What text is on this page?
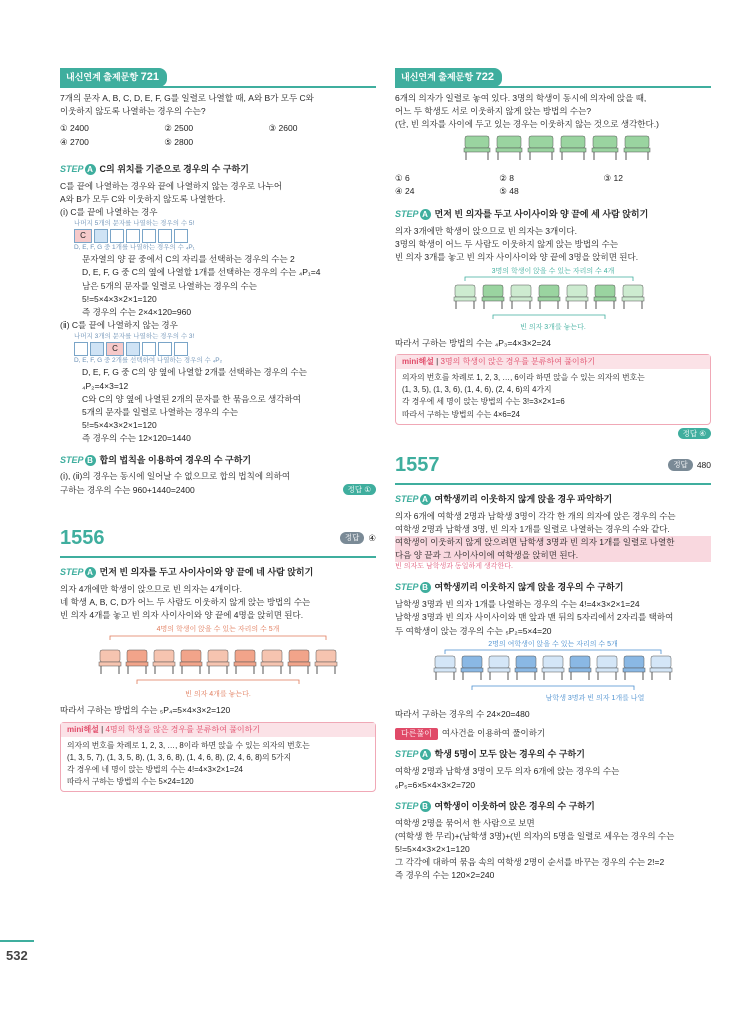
532
내신연계 출제문항 721

7개의 문자 A, B, C, D, E, F, G를 일렬로 나열할 때, A와 B가 모두 C와

이웃하지 않도록 나열하는 경우의 수는?

① 2400	② 2500	③ 2600
④ 2700	⑤ 2800
STEP A C의 위치를 기준으로 경우의 수 구하기

C를 끝에 나열하는 경우와 끝에 나열하지 않는 경우로 나누어

A와 B가 모두 C와 이웃하지 않도록 나열한다.

(ⅰ) C를 끝에 나열하는 경우

나머지 5개의 문자를 나열하는 경우의 수 5!
C
D, E, F, G 중 1개를 나열하는 경우의 수 ₄P₁

문자열의 양 끝 중에서 C의 자리를 선택하는 경우의 수는 2

D, E, F, G 중 C의 옆에 나열할 1개를 선택하는 경우의 수는 ₄P₁=4

남은 5개의 문자를 일렬로 나열하는 경우의 수는

5!=5×4×3×2×1=120

즉 경우의 수는 2×4×120=960

(ⅱ) C를 끝에 나열하지 않는 경우

나머지 3개의 문자를 나열하는 경우의 수 3!
C
D, E, F, G 중 2개를 선택하여 나열하는 경우의 수 ₄P₂

D, E, F, G 중 C의 양 옆에 나열할 2개를 선택하는 경우의 수는

₄P₂=4×3=12

C와 C의 양 옆에 나열된 2개의 문자를 한 묶음으로 생각하여

5개의 문자를 일렬로 나열하는 경우의 수는

5!=5×4×3×2×1=120

즉 경우의 수는 12×120=1440

STEP B 합의 법칙을 이용하여 경우의 수 구하기

(ⅰ), (ⅱ)의 경우는 동시에 일어날 수 없으므로 합의 법칙에 의하여

구하는 경우의 수는 960+1440=2400	정답 ①

1556	정답	④
STEP A 먼저 빈 의자를 두고 사이사이와 양 끝에 네 사람 앉히기

의자 4개에만 학생이 앉으므로 빈 의자는 4개이다.

네 학생 A, B, C, D가 어느 두 사람도 이웃하지 않게 앉는 방법의 수는

빈 의자 4개를 놓고 빈 의자 사이사이와 양 끝에 4명을 앉히면 된다.

4명의 학생이 앉을 수 있는 자리의 수 5개
빈 의자 4개를 놓는다.

따라서 구하는 방법의 수는 ₅P₄=5×4×3×2=120

mini해설 | 4명의 학생을 않은 경우를 분류하여 풀이하기

의자의 번호를 차례로 1, 2, 3, …, 8이라 하면 앉을 수 있는 의자의 번호는

(1, 3, 5, 7), (1, 3, 5, 8), (1, 3, 6, 8), (1, 4, 6, 8), (2, 4, 6, 8)의 5가지

각 경우에 네 명이 앉는 방법의 수는 4!=4×3×2×1=24

따라서 구하는 방법의 수는 5×24=120

내신연계 출제문항 722

6개의 의자가 일렬로 놓여 있다. 3명의 학생이 동시에 의자에 앉을 때,

어느 두 학생도 서로 이웃하지 않게 앉는 방법의 수는?

(단, 빈 의자를 사이에 두고 있는 경우는 이웃하지 않는 것으로 생각한다.)

① 6	② 8	③ 12
④ 24	⑤ 48
STEP A 먼저 빈 의자를 두고 사이사이와 양 끝에 세 사람 앉히기

의자 3개에만 학생이 앉으므로 빈 의자는 3개이다.

3명의 학생이 어느 두 사람도 이웃하지 않게 앉는 방법의 수는

빈 의자 3개를 놓고 빈 의자 사이사이와 양 끝에 3명을 앉히면 된다.

3명의 학생이 앉을 수 있는 자리의 수 4개
빈 의자 3개를 놓는다.

따라서 구하는 방법의 수는 ₄P₃=4×3×2=24

mini해설 | 3명의 학생이 앉은 경우를 분류하여 풀이하기

의자의 번호를 차례로 1, 2, 3, …, 6이라 하면 앉을 수 있는 의자의 번호는

(1, 3, 5), (1, 3, 6), (1, 4, 6), (2, 4, 6)의 4가지

각 경우에 세 명이 앉는 방법의 수는 3!=3×2×1=6

따라서 구하는 방법의 수는 4×6=24

정답 ④
1557	정답	480
STEP A 여학생끼리 이웃하지 않게 앉을 경우 파악하기

의자 6개에 여학생 2명과 남학생 3명이 각각 한 개의 의자에 앉은 경우의 수는

여학생 2명과 남학생 3명, 빈 의자 1개를 일렬로 나열하는 경우의 수와 같다.

여학생이 이웃하지 않게 앉으려면 남학생 3명과 빈 의자 1개를 일렬로 나열한

다음 양 끝과 그 사이사이에 여학생을 앉히면 된다.

빈 의자도 남학생과 동일하게 생각한다.
STEP B 여학생끼리 이웃하지 않게 앉을 경우의 수 구하기

남학생 3명과 빈 의자 1개를 나열하는 경우의 수는 4!=4×3×2×1=24

남학생 3명과 빈 의자 사이사이와 맨 앞과 맨 뒤의 5자리에서 2자리를 택하여

두 여학생이 앉는 경우의 수는 ₅P₂=5×4=20

2명의 여학생이 앉을 수 있는 자리의 수 5개
남학생 3명과 빈 의자 1개를 나열

따라서 구하는 경우의 수 24×20=480

다른풀이 여사건을 이용하여 풀이하기
STEP A 학생 5명이 모두 앉는 경우의 수 구하기

여학생 2명과 남학생 3명이 모두 의자 6개에 앉는 경우의 수는

₆P₅=6×5×4×3×2=720

STEP B 여학생이 이웃하여 앉은 경우의 수 구하기

여학생 2명을 묶어서 한 사람으로 보면

(여학생 한 무리)+(남학생 3명)+(빈 의자)의 5명을 일렬로 세우는 경우의 수는

5!=5×4×3×2×1=120

그 각각에 대하여 묶음 속의 여학생 2명이 순서를 바꾸는 경우의 수는 2!=2

즉 경우의 수는 120×2=240
